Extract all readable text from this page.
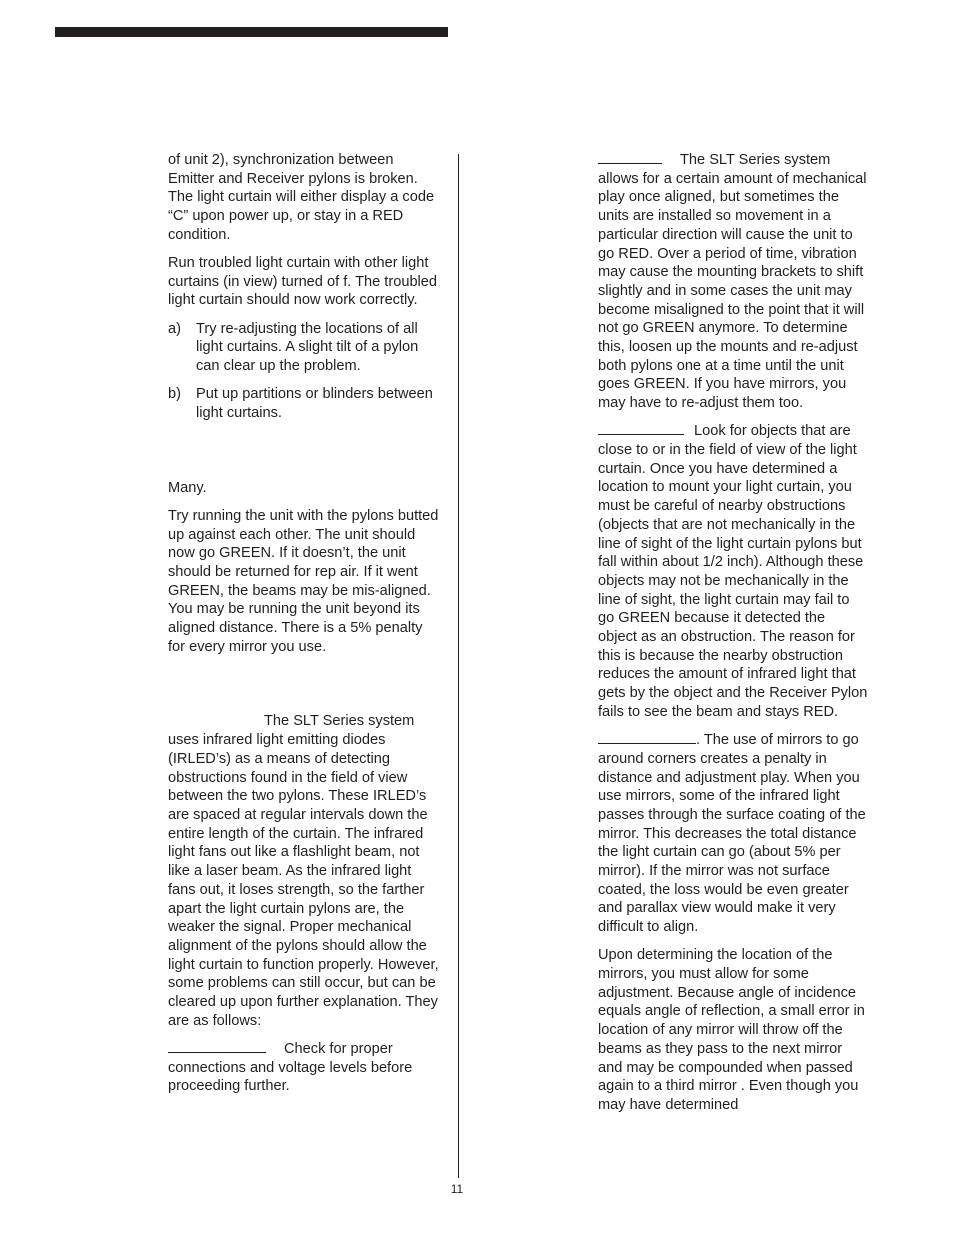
of unit 2), synchronization between Emitter and Receiver pylons is broken. The light curtain will either display a code “C” upon power up, or stay in a RED condition.

Run troubled light curtain with other light curtains (in view) turned of f. The troubled light curtain should now work correctly.

a) Try re-adjusting the locations of all light curtains. A slight tilt of a pylon can clear up the problem.
b) Put up partitions or blinders between light curtains.

Many.

Try running the unit with the pylons butted up against each other. The unit should now go GREEN. If it doesn’t, the unit should be returned for rep air. If it went GREEN, the beams may be mis-aligned. You may be running the unit beyond its aligned distance. There is a 5% penalty for every mirror you use.

The SLT Series system uses infrared light emitting diodes (IRLED’s) as a means of detecting obstructions found in the field of view between the two pylons. These IRLED’s are spaced at regular intervals down the entire length of the curtain. The infrared light fans out like a flashlight beam, not like a laser beam. As the infrared light fans out, it loses strength, so the farther apart the light curtain pylons are, the weaker the signal. Proper mechanical alignment of the pylons should allow the light curtain to function properly. However, some problems can still occur, but can be cleared up upon further explanation. They are as follows:

Check for proper connections and voltage levels before proceeding further.

The SLT Series system allows for a certain amount of mechanical play once aligned, but sometimes the units are installed so movement in a particular direction will cause the unit to go RED. Over a period of time, vibration may cause the mounting brackets to shift slightly and in some cases the unit may become misaligned to the point that it will not go GREEN anymore. To determine this, loosen up the mounts and re-adjust both pylons one at a time until the unit goes GREEN. If you have mirrors, you may have to re-adjust them too.

Look for objects that are close to or in the field of view of the light curtain. Once you have determined a location to mount your light curtain, you must be careful of nearby obstructions (objects that are not mechanically in the line of sight of the light curtain pylons but fall within about 1/2 inch). Although these objects may not be mechanically in the line of sight, the light curtain may fail to go GREEN because it detected the object as an obstruction. The reason for this is because the nearby obstruction reduces the amount of infrared light that gets by the object and the Receiver Pylon fails to see the beam and stays RED.

. The use of mirrors to go around corners creates a penalty in distance and adjustment play. When you use mirrors, some of the infrared light passes through the surface coating of the mirror. This decreases the total distance the light curtain can go (about 5% per mirror). If the mirror was not surface coated, the loss would be even greater and parallax view would make it very difficult to align.

Upon determining the location of the mirrors, you must allow for some adjustment. Because angle of incidence equals angle of reflection, a small error in location of any mirror will throw off the beams as they pass to the next mirror and may be compounded when passed again to a third mirror . Even though you may have determined

11
